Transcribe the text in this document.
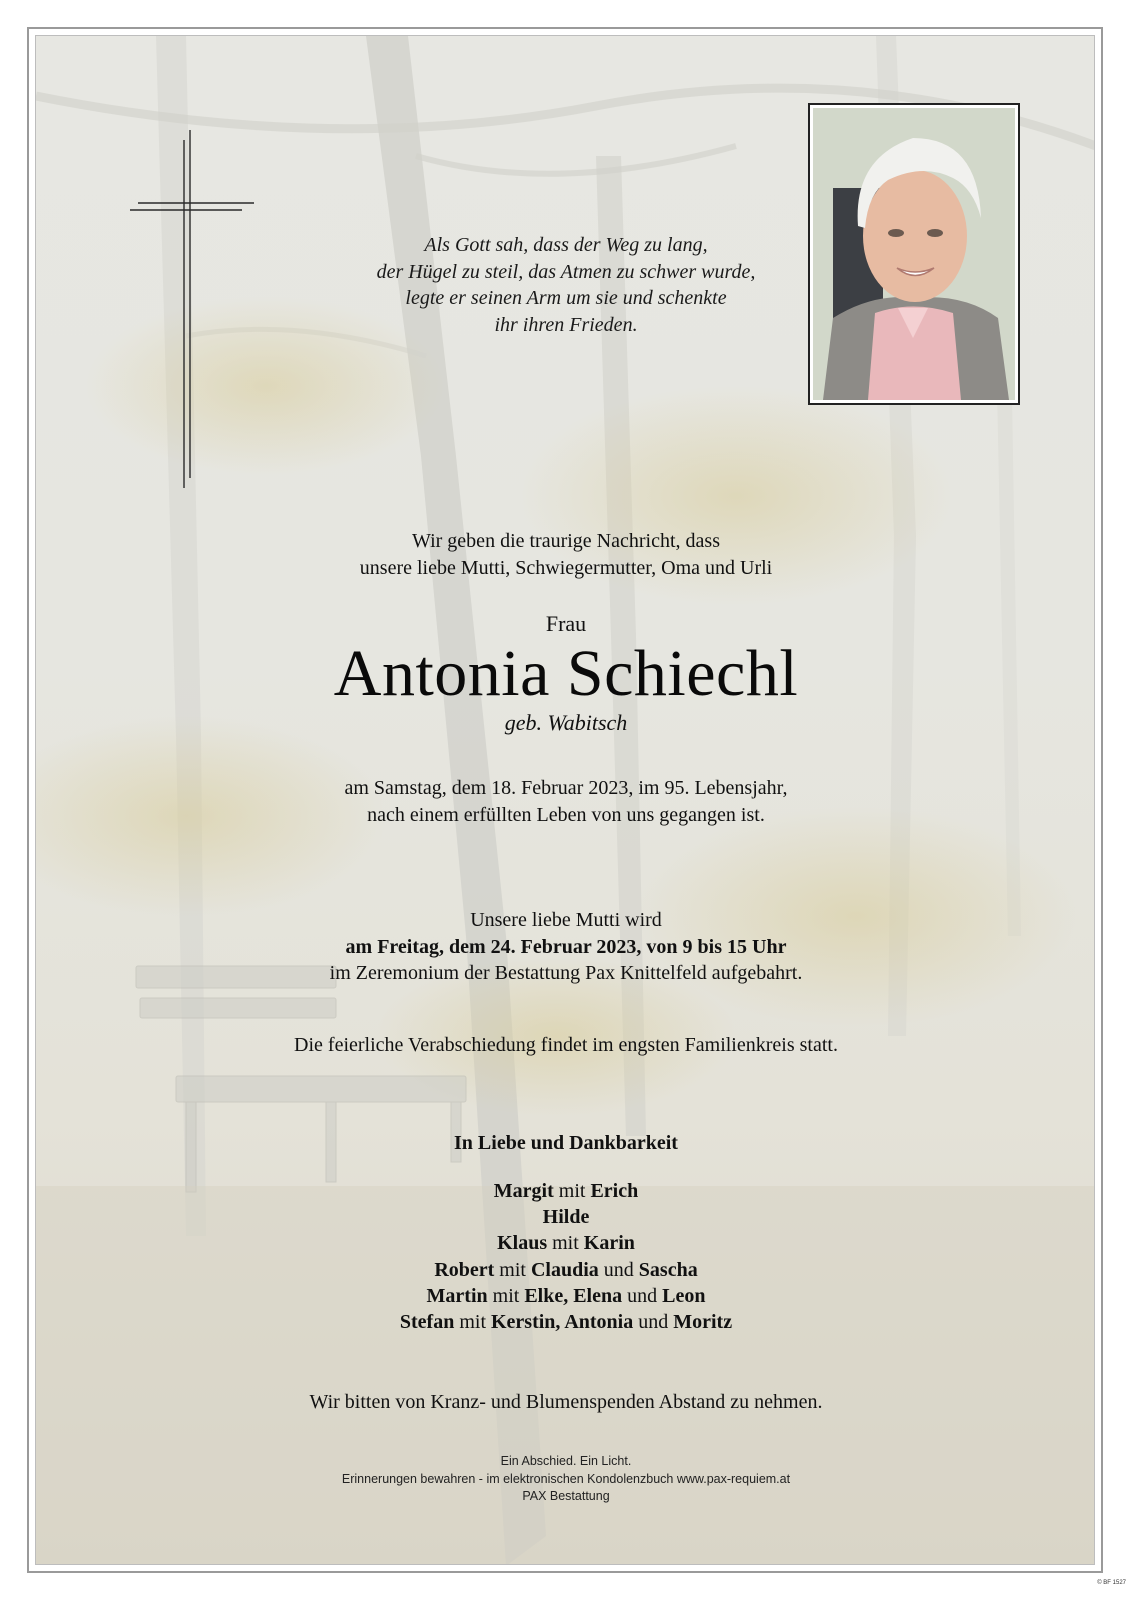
Als Gott sah, dass der Weg zu lang,
der Hügel zu steil, das Atmen zu schwer wurde,
legte er seinen Arm um sie und schenkte
ihr ihren Frieden.
Wir geben die traurige Nachricht, dass
unsere liebe Mutti, Schwiegermutter, Oma und Urli
Frau
Antonia Schiechl
geb. Wabitsch
am Samstag, dem 18. Februar 2023, im 95. Lebensjahr,
nach einem erfüllten Leben von uns gegangen ist.
Unsere liebe Mutti wird
am Freitag, dem 24. Februar 2023, von 9 bis 15 Uhr
im Zeremonium der Bestattung Pax Knittelfeld aufgebahrt.
Die feierliche Verabschiedung findet im engsten Familienkreis statt.
In Liebe und Dankbarkeit
Margit mit Erich
Hilde
Klaus mit Karin
Robert mit Claudia und Sascha
Martin mit Elke, Elena und Leon
Stefan mit Kerstin, Antonia und Moritz
Wir bitten von Kranz- und Blumenspenden Abstand zu nehmen.
Ein Abschied. Ein Licht.
Erinnerungen bewahren - im elektronischen Kondolenzbuch www.pax-requiem.at
PAX Bestattung
© BF 1527
